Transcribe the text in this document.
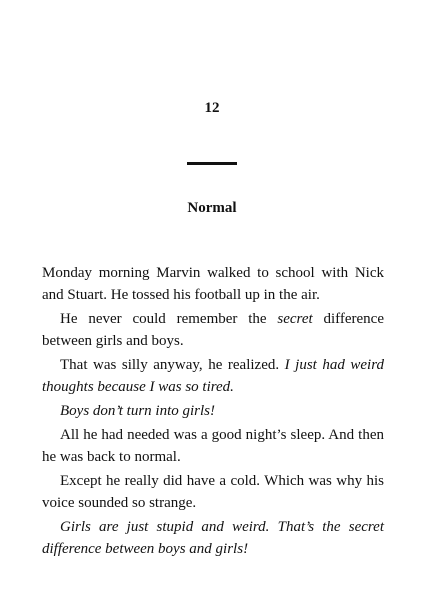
12
Normal

Monday morning Marvin walked to school with Nick and Stuart. He tossed his football up in the air.

He never could remember the secret difference between girls and boys.

That was silly anyway, he realized. I just had weird thoughts because I was so tired.

Boys don’t turn into girls!

All he had needed was a good night’s sleep. And then he was back to normal.

Except he really did have a cold. Which was why his voice sounded so strange.

Girls are just stupid and weird. That’s the secret difference between boys and girls!
